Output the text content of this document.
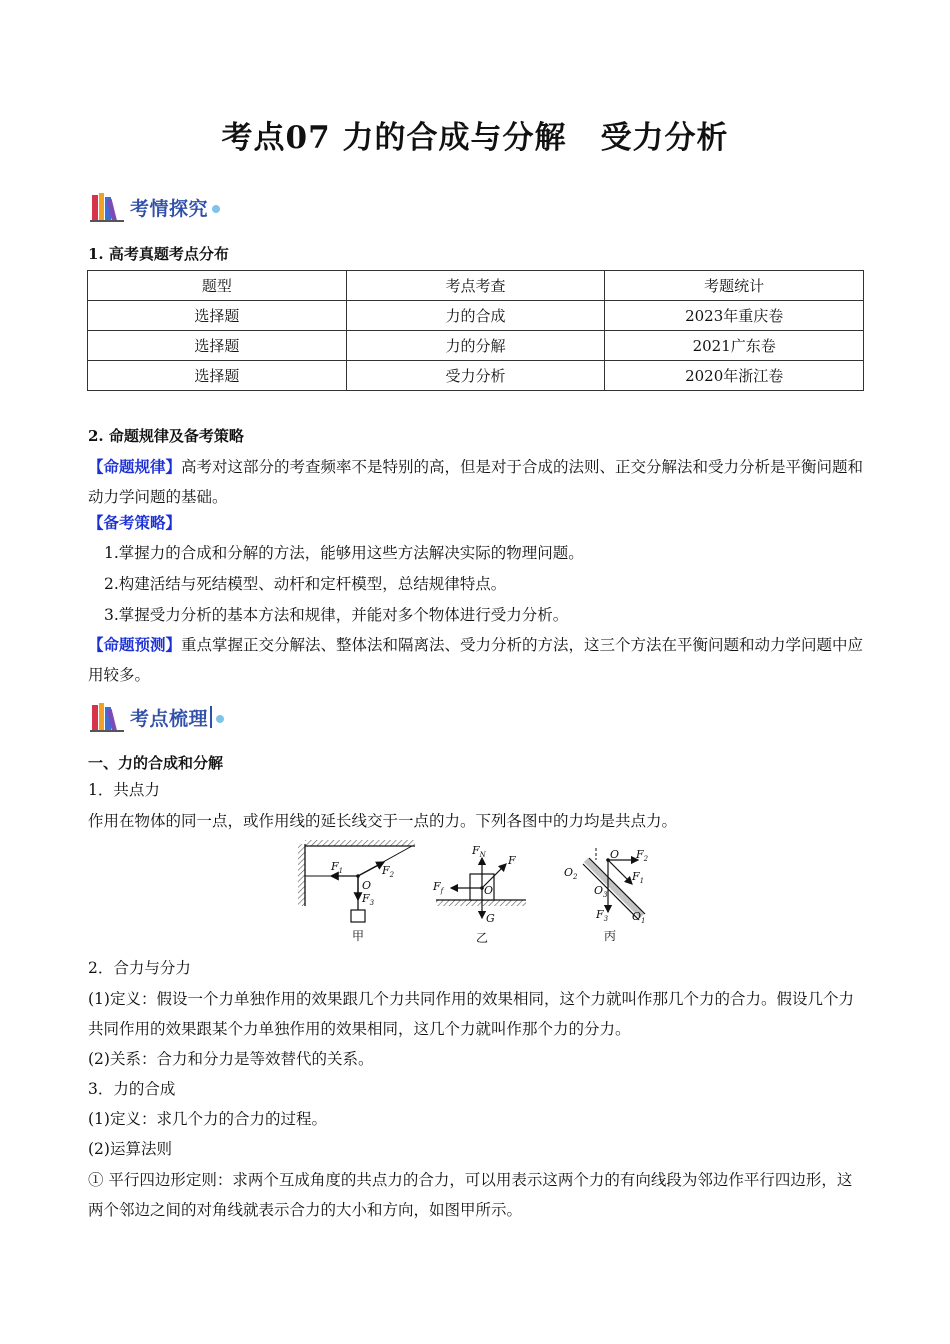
考点07 力的合成与分解 受力分析
考情探究
1. 高考真题考点分布
题型	考点考查	考题统计
选择题	力的合成	2023年重庆卷
选择题	力的分解	2021广东卷
选择题	受力分析	2020年浙江卷
2. 命题规律及备考策略
【命题规律】高考对这部分的考查频率不是特别的高，但是对于合成的法则、正交分解法和受力分析是平衡问题和动力学问题的基础。
【备考策略】
1.掌握力的合成和分解的方法，能够用这些方法解决实际的物理问题。
2.构建活结与死结模型、动杆和定杆模型，总结规律特点。
3.掌握受力分析的基本方法和规律，并能对多个物体进行受力分析。
【命题预测】重点掌握正交分解法、整体法和隔离法、受力分析的方法，这三个方法在平衡问题和动力学问题中应用较多。
考点梳理
一、力的合成和分解
1．共点力
作用在物体的同一点，或作用线的延长线交于一点的力。下列各图中的力均是共点力。
$F_1$	$F_2$
O
$F_3$
甲
$F_N$ F
$F_f$	O
G
乙
O $F_2$
$F_1$
$O_2$
$O_3$
$O_1$
$F_3$
丙
2．合力与分力
(1)定义：假设一个力单独作用的效果跟几个力共同作用的效果相同，这个力就叫作那几个力的合力。假设几个力共同作用的效果跟某个力单独作用的效果相同，这几个力就叫作那个力的分力。
(2)关系：合力和分力是等效替代的关系。
3．力的合成
(1)定义：求几个力的合力的过程。
(2)运算法则
① 平行四边形定则：求两个互成角度的共点力的合力，可以用表示这两个力的有向线段为邻边作平行四边形，这两个邻边之间的对角线就表示合力的大小和方向，如图甲所示。
